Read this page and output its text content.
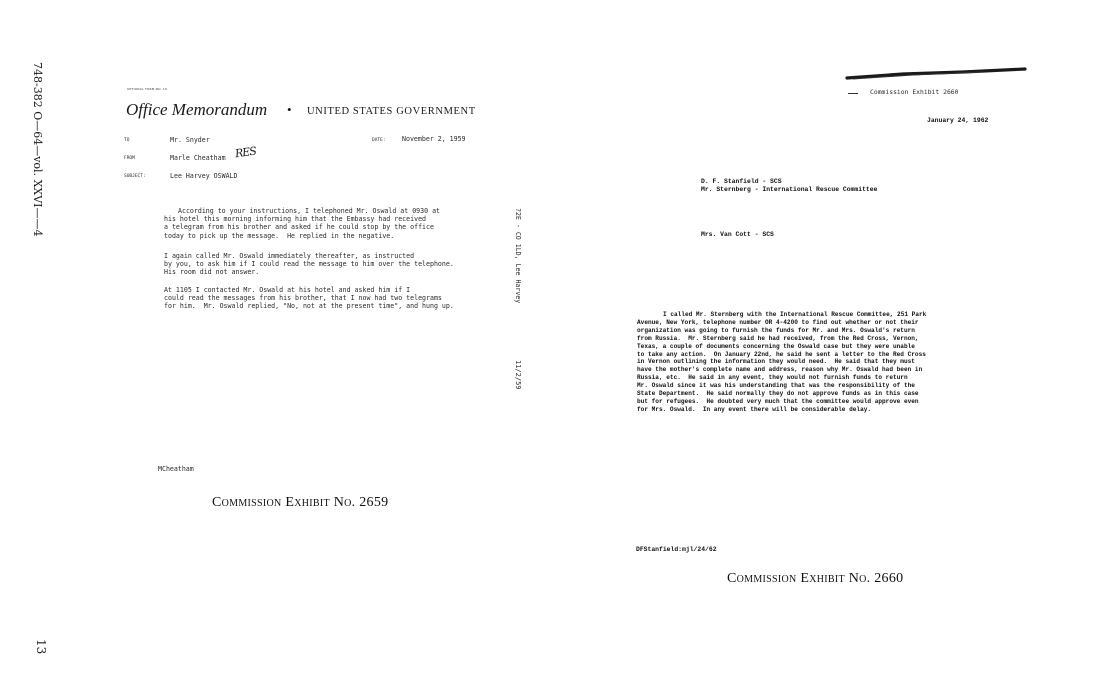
748-382 O—64—vol. XXVI——4
13
OPTIONAL FORM NO. 10
Office Memorandum • UNITED STATES GOVERNMENT
TO	Mr. Snyder	DATE: November 2, 1959
FROM	Marle Cheatham RES
SUBJECT:	Lee Harvey OSWALD
According to your instructions, I telephoned Mr. Oswald at 0930 at
his hotel this morning informing him that the Embassy had received
a telegram from his brother and asked if he could stop by the office
today to pick up the message.  He replied in the negative.
I again called Mr. Oswald immediately thereafter, as instructed
by you, to ask him if I could read the message to him over the telephone.
His room did not answer.
At 1105 I contacted Mr. Oswald at his hotel and asked him if I
could read the messages from his brother, that I now had two telegrams
for him.  Mr. Oswald replied, "No, not at the present time", and hung up.
?2E - CO 1LD, Lee Harvey
11/2/59
MCheatham
Commission Exhibit No. 2659
Commission Exhibit 2660
January 24, 1962
D. F. Stanfield - SCS
Mr. Sternberg - International Rescue Committee
Mrs. Van Cott - SCS
I called Mr. Sternberg with the International Rescue Committee, 251 Park
Avenue, New York, telephone number OR 4-4200 to find out whether or not their
organization was going to furnish the funds for Mr. and Mrs. Oswald's return
from Russia.  Mr. Sternberg said he had received, from the Red Cross, Vernon,
Texas, a couple of documents concerning the Oswald case but they were unable
to take any action.  On January 22nd, he said he sent a letter to the Red Cross
in Vernon outlining the information they would need.  He said that they must
have the mother's complete name and address, reason why Mr. Oswald had been in
Russia, etc.  He said in any event, they would not furnish funds to return
Mr. Oswald since it was his understanding that was the responsibility of the
State Department.  He said normally they do not approve funds as in this case
but for refugees.  He doubted very much that the committee would approve even
for Mrs. Oswald.  In any event there will be considerable delay.
DFStanfield:mjl/24/62
Commission Exhibit No. 2660
